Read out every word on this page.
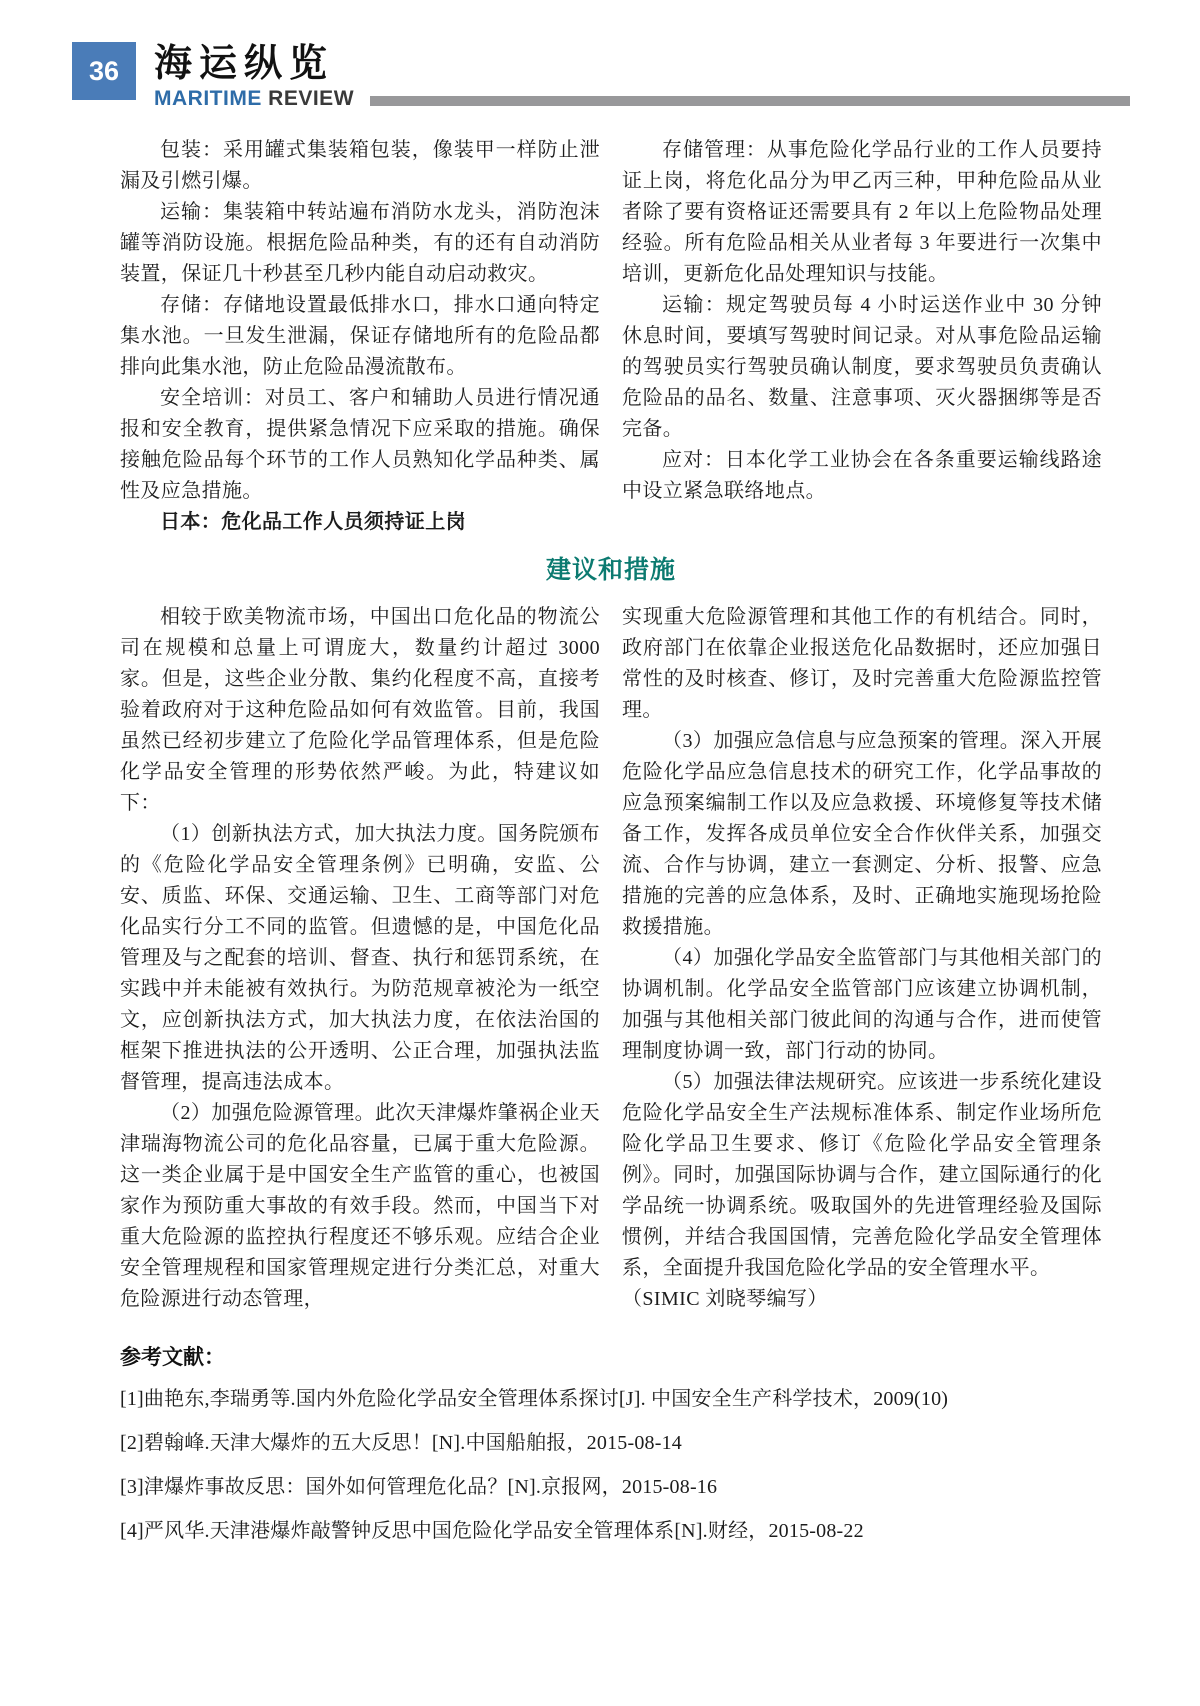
36 海运纵览
MARITIME REVIEW

包装：采用罐式集装箱包装，像装甲一样防止泄漏及引燃引爆。

运输：集装箱中转站遍布消防水龙头，消防泡沫罐等消防设施。根据危险品种类，有的还有自动消防装置，保证几十秒甚至几秒内能自动启动救灾。

存储：存储地设置最低排水口，排水口通向特定集水池。一旦发生泄漏，保证存储地所有的危险品都排向此集水池，防止危险品漫流散布。

安全培训：对员工、客户和辅助人员进行情况通报和安全教育，提供紧急情况下应采取的措施。确保接触危险品每个环节的工作人员熟知化学品种类、属性及应急措施。

日本：危化品工作人员须持证上岗

存储管理：从事危险化学品行业的工作人员要持证上岗，将危化品分为甲乙丙三种，甲种危险品从业者除了要有资格证还需要具有 2 年以上危险物品处理经验。所有危险品相关从业者每 3 年要进行一次集中培训，更新危化品处理知识与技能。

运输：规定驾驶员每 4 小时运送作业中 30 分钟休息时间，要填写驾驶时间记录。对从事危险品运输的驾驶员实行驾驶员确认制度，要求驾驶员负责确认危险品的品名、数量、注意事项、灭火器捆绑等是否完备。

应对：日本化学工业协会在各条重要运输线路途中设立紧急联络地点。

建议和措施

相较于欧美物流市场，中国出口危化品的物流公司在规模和总量上可谓庞大，数量约计超过 3000 家。但是，这些企业分散、集约化程度不高，直接考验着政府对于这种危险品如何有效监管。目前，我国虽然已经初步建立了危险化学品管理体系，但是危险化学品安全管理的形势依然严峻。为此，特建议如下：

（1）创新执法方式，加大执法力度。国务院颁布的《危险化学品安全管理条例》已明确，安监、公安、质监、环保、交通运输、卫生、工商等部门对危化品实行分工不同的监管。但遗憾的是，中国危化品管理及与之配套的培训、督查、执行和惩罚系统，在实践中并未能被有效执行。为防范规章被沦为一纸空文，应创新执法方式，加大执法力度，在依法治国的框架下推进执法的公开透明、公正合理，加强执法监督管理，提高违法成本。

（2）加强危险源管理。此次天津爆炸肇祸企业天津瑞海物流公司的危化品容量，已属于重大危险源。这一类企业属于是中国安全生产监管的重心，也被国家作为预防重大事故的有效手段。然而，中国当下对重大危险源的监控执行程度还不够乐观。应结合企业安全管理规程和国家管理规定进行分类汇总，对重大危险源进行动态管理，

实现重大危险源管理和其他工作的有机结合。同时，政府部门在依靠企业报送危化品数据时，还应加强日常性的及时核查、修订，及时完善重大危险源监控管理。

（3）加强应急信息与应急预案的管理。深入开展危险化学品应急信息技术的研究工作，化学品事故的应急预案编制工作以及应急救援、环境修复等技术储备工作，发挥各成员单位安全合作伙伴关系，加强交流、合作与协调，建立一套测定、分析、报警、应急措施的完善的应急体系，及时、正确地实施现场抢险救援措施。

（4）加强化学品安全监管部门与其他相关部门的协调机制。化学品安全监管部门应该建立协调机制，加强与其他相关部门彼此间的沟通与合作，进而使管理制度协调一致，部门行动的协同。

（5）加强法律法规研究。应该进一步系统化建设危险化学品安全生产法规标准体系、制定作业场所危险化学品卫生要求、修订《危险化学品安全管理条例》。同时，加强国际协调与合作，建立国际通行的化学品统一协调系统。吸取国外的先进管理经验及国际惯例，并结合我国国情，完善危险化学品安全管理体系，全面提升我国危险化学品的安全管理水平。

（SIMIC 刘晓琴编写）

参考文献：
[1]曲艳东,李瑞勇等.国内外危险化学品安全管理体系探讨[J]. 中国安全生产科学技术，2009(10)
[2]碧翰峰.天津大爆炸的五大反思！[N].中国船舶报，2015-08-14
[3]津爆炸事故反思：国外如何管理危化品？[N].京报网，2015-08-16
[4]严风华.天津港爆炸敲警钟反思中国危险化学品安全管理体系[N].财经，2015-08-22
